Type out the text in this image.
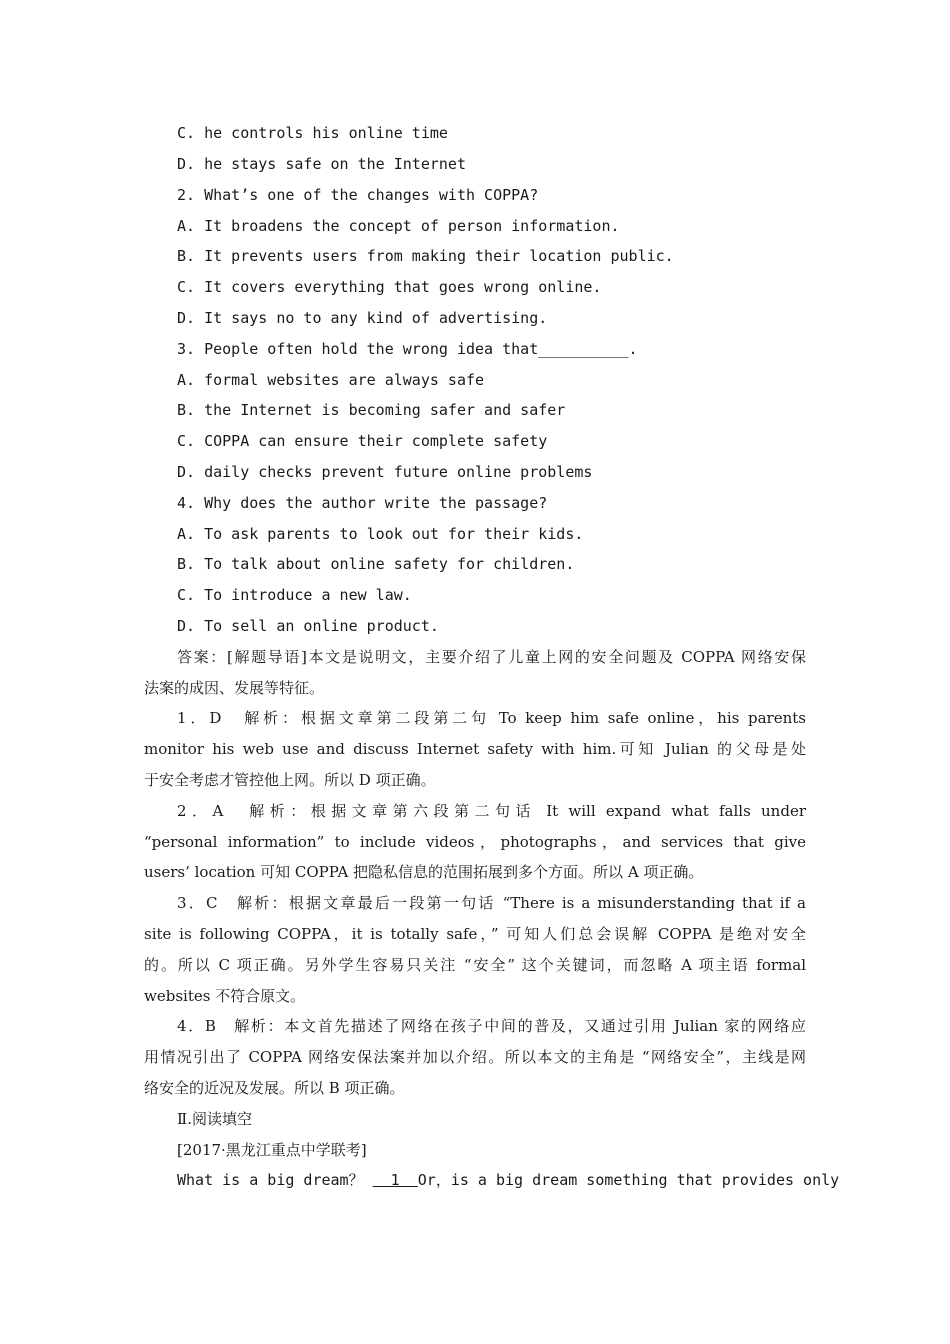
C. he controls his online time
D. he stays safe on the Internet
2. What’s one of the changes with COPPA?
A. It broadens the concept of person information.
B. It prevents users from making their location public.
C. It covers everything that goes wrong online.
D. It says no to any kind of advertising.
3. People often hold the wrong idea that__________.
A. formal websites are always safe
B. the Internet is becoming safer and safer
C. COPPA can ensure their complete safety
D. daily checks prevent future online problems
4. Why does the author write the passage?
A. To ask parents to look out for their kids.
B. To talk about online safety for children.
C. To introduce a new law.
D. To sell an online product.
答案：[解题导语]本文是说明文，主要介绍了儿童上网的安全问题及 COPPA 网络安保
法案的成因、发展等特征。
1．D　解析：根据文章第二段第二句 To keep him safe online，his parents
monitor his web use and discuss Internet safety with him.可知 Julian 的父母是处
于安全考虑才管控他上网。所以 D 项正确。
2．A　解析：根据文章第六段第二句话 It will expand what falls under
“personal information” to include videos，photographs，and services that give
users’ location 可知 COPPA 把隐私信息的范围拓展到多个方面。所以 A 项正确。
3．C　解析：根据文章最后一段第一句话 “There is a misunderstanding that if a
site is following COPPA，it is totally safe，” 可知人们总会误解 COPPA 是绝对安全
的。所以 C 项正确。另外学生容易只关注 “安全” 这个关键词，而忽略 A 项主语 formal
websites 不符合原文。
4．B　解析：本文首先描述了网络在孩子中间的普及，又通过引用 Julian 家的网络应
用情况引出了 COPPA 网络安保法案并加以介绍。所以本文的主角是 “网络安全”，主线是网
络安全的近况及发展。所以 B 项正确。
Ⅱ.阅读填空
[2017·黑龙江重点中学联考]
What is a big dream？   1  Or，is a big dream something that provides only
